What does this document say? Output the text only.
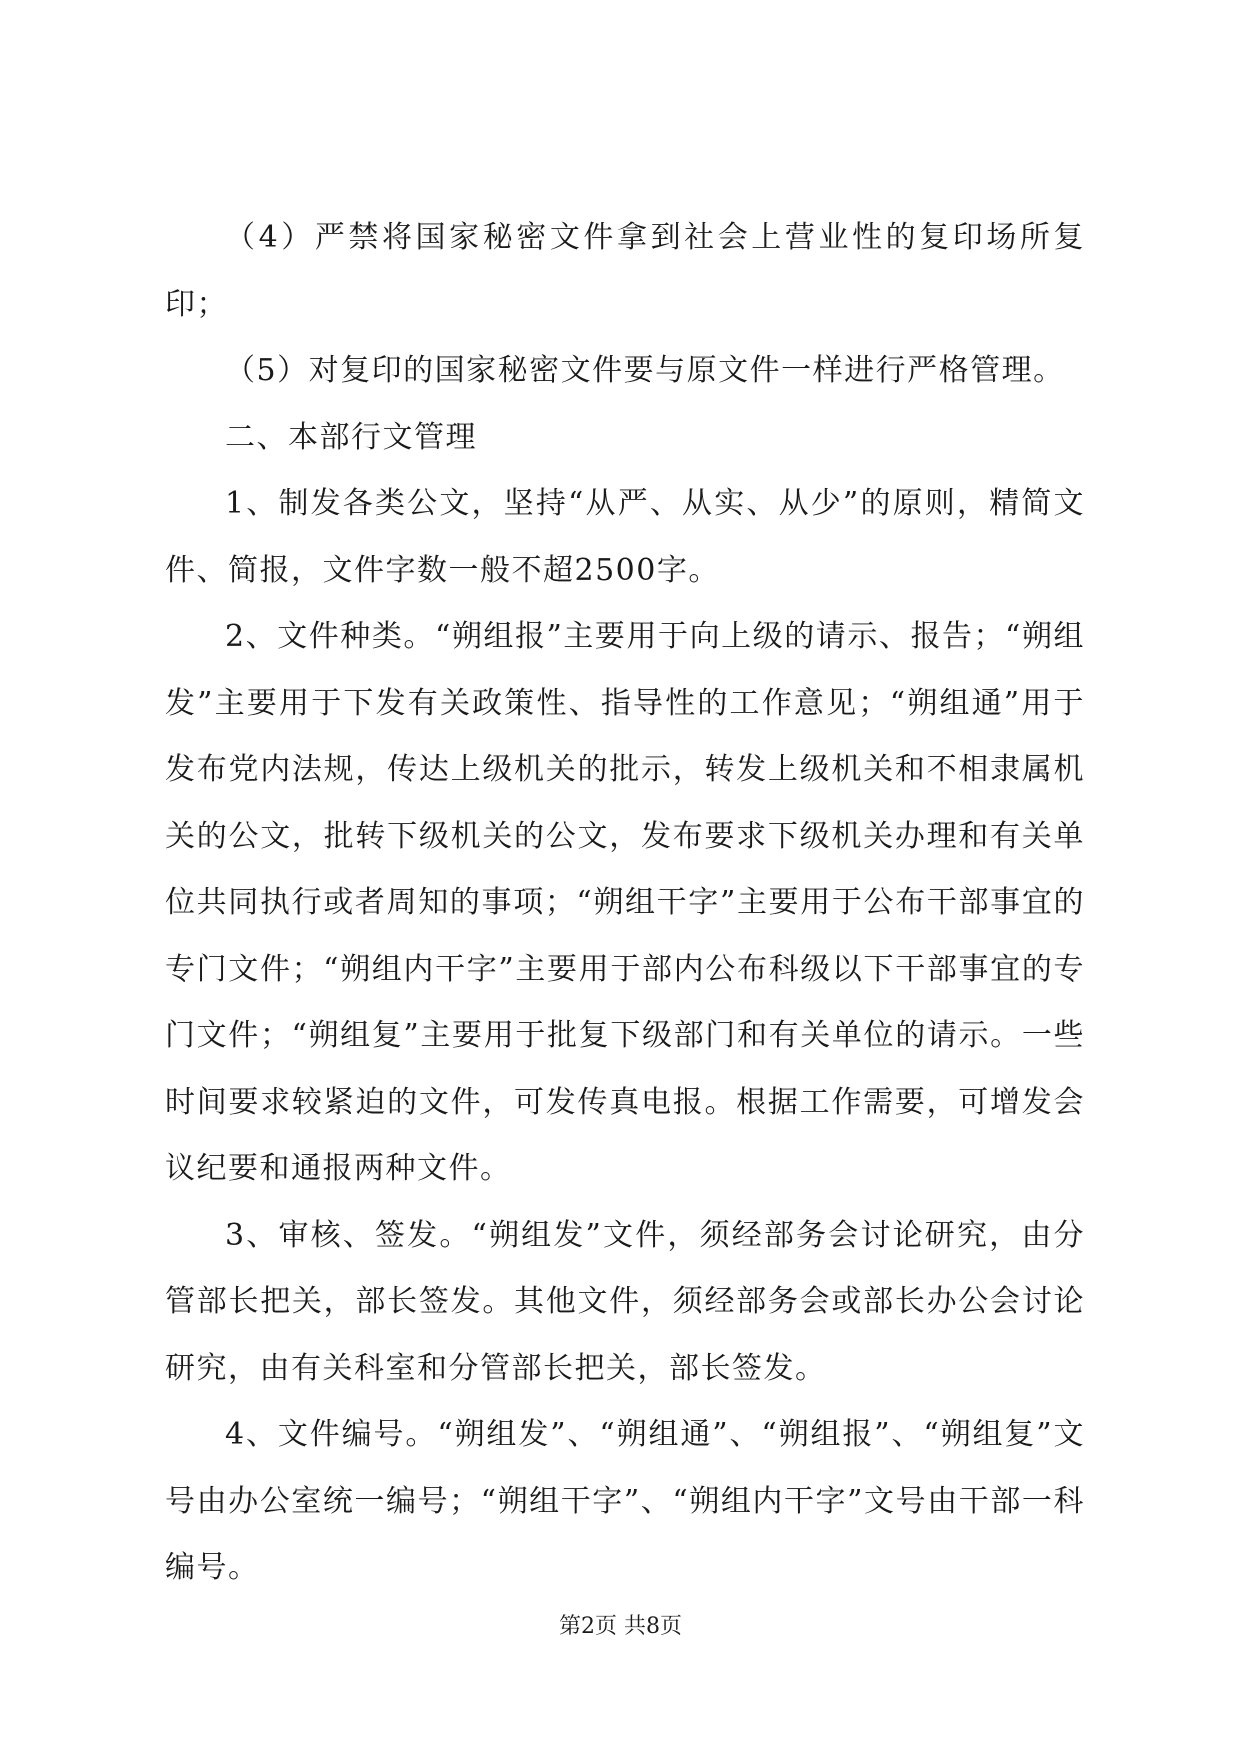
（4）严禁将国家秘密文件拿到社会上营业性的复印场所复印；

（5）对复印的国家秘密文件要与原文件一样进行严格管理。

二、本部行文管理

1、制发各类公文，坚持“从严、从实、从少”的原则，精简文件、简报，文件字数一般不超2500字。

2、文件种类。“朔组报”主要用于向上级的请示、报告；“朔组发”主要用于下发有关政策性、指导性的工作意见；“朔组通”用于发布党内法规，传达上级机关的批示，转发上级机关和不相隶属机关的公文，批转下级机关的公文，发布要求下级机关办理和有关单位共同执行或者周知的事项；“朔组干字”主要用于公布干部事宜的专门文件；“朔组内干字”主要用于部内公布科级以下干部事宜的专门文件；“朔组复”主要用于批复下级部门和有关单位的请示。一些时间要求较紧迫的文件，可发传真电报。根据工作需要，可增发会议纪要和通报两种文件。

3、审核、签发。“朔组发”文件，须经部务会讨论研究，由分管部长把关，部长签发。其他文件，须经部务会或部长办公会讨论研究，由有关科室和分管部长把关，部长签发。

4、文件编号。“朔组发”、“朔组通”、“朔组报”、“朔组复”文号由办公室统一编号；“朔组干字”、“朔组内干字”文号由干部一科编号。

第2页 共8页
